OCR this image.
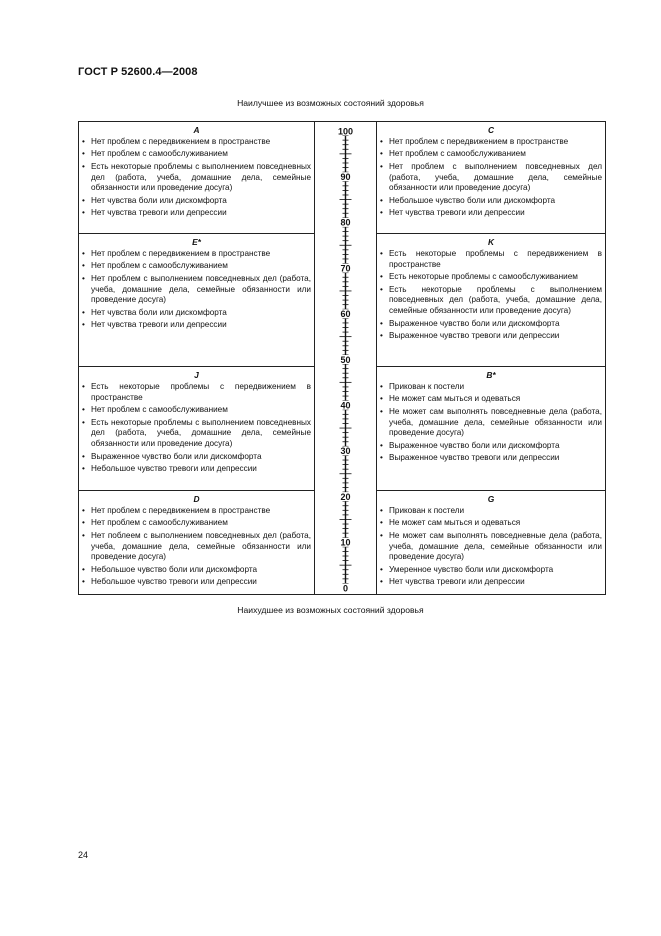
ГОСТ Р 52600.4—2008
Наилучшее из возможных состояний здоровья
A
• Нет проблем с передвижением в пространстве
• Нет проблем с самообслуживанием
• Есть некоторые проблемы с выполнением повседневных дел (работа, учеба, домашние дела, семейные обязанности или проведение досуга)
• Нет чувства боли или дискомфорта
• Нет чувства тревоги или депрессии
C
• Нет проблем с передвижением в пространстве
• Нет проблем с самообслуживанием
• Нет проблем с выполнением повседневных дел (работа, учеба, домашние дела, семейные обязанности или проведение досуга)
• Небольшое чувство боли или дискомфорта
• Нет чувства тревоги или депрессии
E*
• Нет проблем с передвижением в пространстве
• Нет проблем с самообслуживанием
• Нет проблем с выполнением повседневных дел (работа, учеба, домашние дела, семейные обязанности или проведение досуга)
• Нет чувства боли или дискомфорта
• Нет чувства тревоги или депрессии
K
• Есть некоторые проблемы с передвижением в пространстве
• Есть некоторые проблемы с самообслуживанием
• Есть некоторые проблемы с выполнением повседневных дел (работа, учеба, домашние дела, семейные обязанности или проведение досуга)
• Выраженное чувство боли или дискомфорта
• Выраженное чувство тревоги или депрессии
J
• Есть некоторые проблемы с передвижением в пространстве
• Нет проблем с самообслуживанием
• Есть некоторые проблемы с выполнением повседневных дел (работа, учеба, домашние дела, семейные обязанности или проведение досуга)
• Выраженное чувство боли или дискомфорта
• Небольшое чувство тревоги или депрессии
B*
• Прикован к постели
• Не может сам мыться и одеваться
• Не может сам выполнять повседневные дела (работа, учеба, домашние дела, семейные обязанности или проведение досуга)
• Выраженное чувство боли или дискомфорта
• Выраженное чувство тревоги или депрессии
D
• Нет проблем с передвижением в пространстве
• Нет проблем с самообслуживанием
• Нет поблеем с выполнением повседневных дел (работа, учеба, домашние дела, семейные обязанности или проведение досуга)
• Небольшое чувство боли или дискомфорта
• Небольшое чувство тревоги или депрессии
G
• Прикован к постели
• Не может сам мыться и одеваться
• Не может сам выполнять повседневные дела (работа, учеба, домашние дела, семейные обязанности или проведение досуга)
• Умеренное чувство боли или дискомфорта
• Нет чувства тревоги или депрессии
100
90
80
70
60
50
40
30
20
10
0
Наихудшее из возможных состояний здоровья
24
